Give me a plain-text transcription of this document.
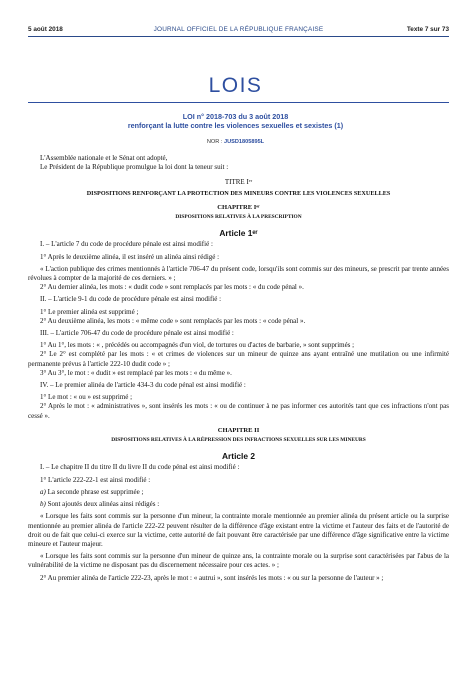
5 août 2018	JOURNAL OFFICIEL DE LA RÉPUBLIQUE FRANÇAISE	Texte 7 sur 73
LOIS
LOI n° 2018-703 du 3 août 2018
renforçant la lutte contre les violences sexuelles et sexistes (1)
NOR : JUSD1805895L

L'Assemblée nationale et le Sénat ont adopté,

Le Président de la République promulgue la loi dont la teneur suit :

TITRE Iᵉʳ

DISPOSITIONS RENFORÇANT LA PROTECTION DES MINEURS CONTRE LES VIOLENCES SEXUELLES

CHAPITRE Iᵉʳ

DISPOSITIONS RELATIVES À LA PRESCRIPTION

Article 1ᵉʳ

I. – L'article 7 du code de procédure pénale est ainsi modifié :

1° Après le deuxième alinéa, il est inséré un alinéa ainsi rédigé :

« L'action publique des crimes mentionnés à l'article 706-47 du présent code, lorsqu'ils sont commis sur des mineurs, se prescrit par trente années révolues à compter de la majorité de ces derniers. » ;

2° Au dernier alinéa, les mots : « dudit code » sont remplacés par les mots : « du code pénal ».

II. – L'article 9-1 du code de procédure pénale est ainsi modifié :

1° Le premier alinéa est supprimé ;

2° Au deuxième alinéa, les mots : « même code » sont remplacés par les mots : « code pénal ».

III. – L'article 706-47 du code de procédure pénale est ainsi modifié :

1° Au 1°, les mots : « , précédés ou accompagnés d'un viol, de tortures ou d'actes de barbarie, » sont supprimés ;

2° Le 2° est complété par les mots : « et crimes de violences sur un mineur de quinze ans ayant entraîné une mutilation ou une infirmité permanente prévus à l'article 222-10 dudit code » ;

3° Au 3°, le mot : « dudit » est remplacé par les mots : « du même ».

IV. – Le premier alinéa de l'article 434-3 du code pénal est ainsi modifié :

1° Le mot : « ou » est supprimé ;

2° Après le mot : « administratives », sont insérés les mots : « ou de continuer à ne pas informer ces autorités tant que ces infractions n'ont pas cessé ».

CHAPITRE II

DISPOSITIONS RELATIVES À LA RÉPRESSION DES INFRACTIONS SEXUELLES SUR LES MINEURS

Article 2

I. – Le chapitre II du titre II du livre II du code pénal est ainsi modifié :

1° L'article 222-22-1 est ainsi modifié :

a) La seconde phrase est supprimée ;

b) Sont ajoutés deux alinéas ainsi rédigés :

« Lorsque les faits sont commis sur la personne d'un mineur, la contrainte morale mentionnée au premier alinéa du présent article ou la surprise mentionnée au premier alinéa de l'article 222-22 peuvent résulter de la différence d'âge existant entre la victime et l'auteur des faits et de l'autorité de droit ou de fait que celui-ci exerce sur la victime, cette autorité de fait pouvant être caractérisée par une différence d'âge significative entre la victime mineure et l'auteur majeur.

« Lorsque les faits sont commis sur la personne d'un mineur de quinze ans, la contrainte morale ou la surprise sont caractérisées par l'abus de la vulnérabilité de la victime ne disposant pas du discernement nécessaire pour ces actes. » ;

2° Au premier alinéa de l'article 222-23, après le mot : « autrui », sont insérés les mots : « ou sur la personne de l'auteur » ;
